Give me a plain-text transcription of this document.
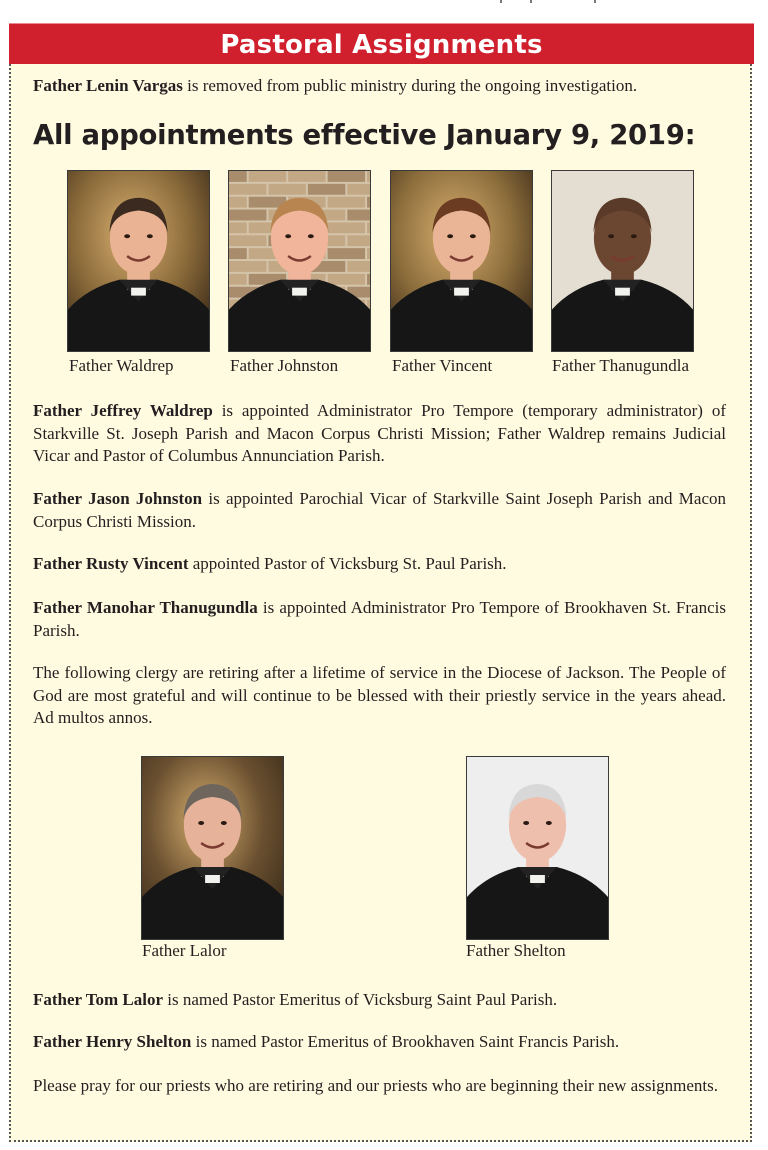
Pastoral Assignments
Father Lenin Vargas is removed from public ministry during the ongoing investigation.
All appointments effective January 9, 2019:
Father Waldrep	Father Johnston	Father Vincent	Father Thanugundla
Father Jeffrey Waldrep is appointed Administrator Pro Tempore (temporary administrator) of Starkville St. Joseph Parish and Macon Corpus Christi Mission; Father Waldrep remains Judicial Vicar and Pastor of Columbus Annunciation Parish.
Father Jason Johnston is appointed Parochial Vicar of Starkville Saint Joseph Parish and Macon Corpus Christi Mission.
Father Rusty Vincent appointed Pastor of Vicksburg St. Paul Parish.
Father Manohar Thanugundla is appointed Administrator Pro Tempore of Brookhaven St. Francis Parish.
The following clergy are retiring after a lifetime of service in the Diocese of Jackson. The People of God are most grateful and will continue to be blessed with their priestly service in the years ahead. Ad multos annos.
Father Lalor	Father Shelton
Father Tom Lalor is named Pastor Emeritus of Vicksburg Saint Paul Parish.
Father Henry Shelton is named Pastor Emeritus of Brookhaven Saint Francis Parish.
Please pray for our priests who are retiring and our priests who are beginning their new assignments.
